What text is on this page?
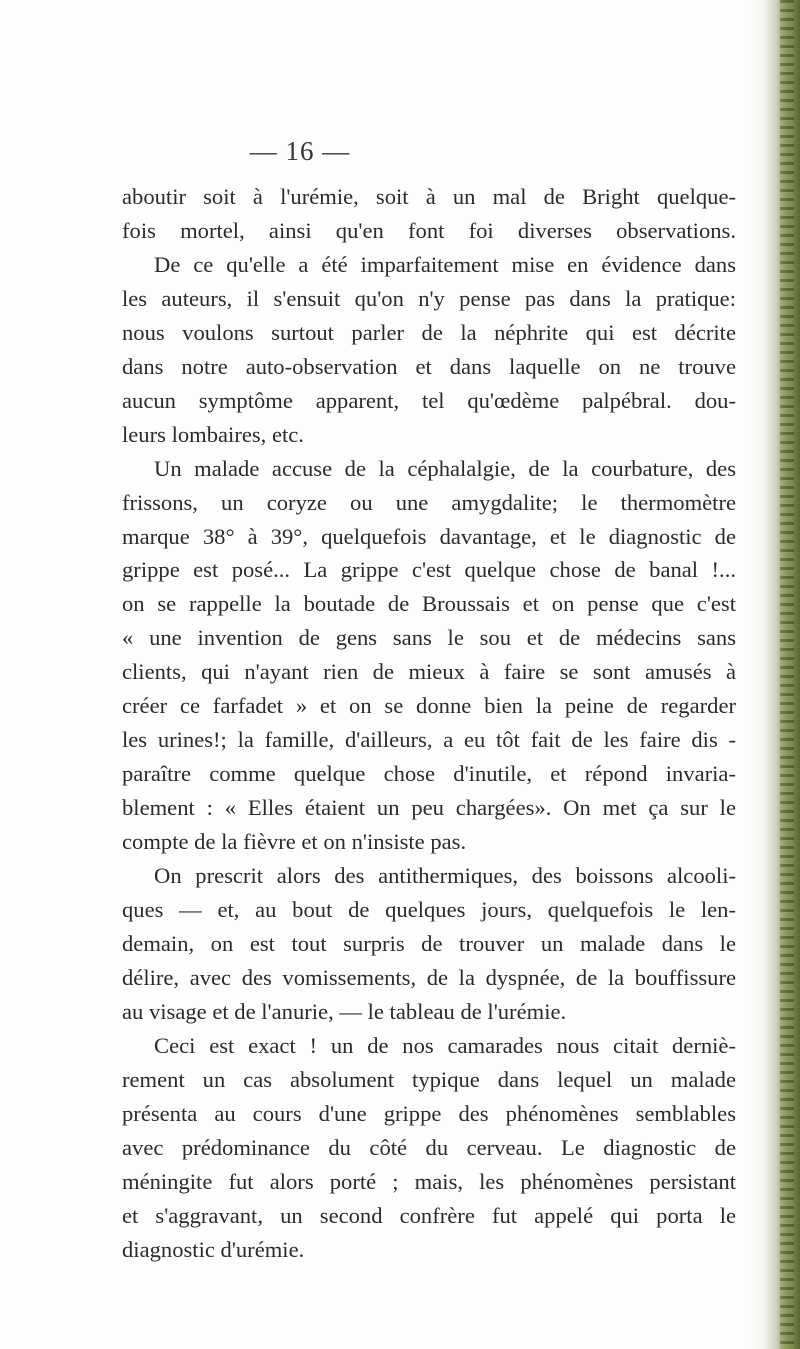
— 16 —
aboutir soit à l'urémie, soit à un mal de Bright quelque-
fois mortel, ainsi qu'en font foi diverses observations.
De ce qu'elle a été imparfaitement mise en évidence dans
les auteurs, il s'ensuit qu'on n'y pense pas dans la pratique:
nous voulons surtout parler de la néphrite qui est décrite
dans notre auto-observation et dans laquelle on ne trouve
aucun symptôme apparent, tel qu'œdème palpébral. dou-
leurs lombaires, etc.
Un malade accuse de la céphalalgie, de la courbature, des
frissons, un coryze ou une amygdalite; le thermomètre
marque 38° à 39°, quelquefois davantage, et le diagnostic de
grippe est posé... La grippe c'est quelque chose de banal !...
on se rappelle la boutade de Broussais et on pense que c'est
« une invention de gens sans le sou et de médecins sans
clients, qui n'ayant rien de mieux à faire se sont amusés à
créer ce farfadet » et on se donne bien la peine de regarder
les urines!; la famille, d'ailleurs, a eu tôt fait de les faire dis -
paraître comme quelque chose d'inutile, et répond invaria-
blement : « Elles étaient un peu chargées». On met ça sur le
compte de la fièvre et on n'insiste pas.
On prescrit alors des antithermiques, des boissons alcooli-
ques — et, au bout de quelques jours, quelquefois le len-
demain, on est tout surpris de trouver un malade dans le
délire, avec des vomissements, de la dyspnée, de la bouffissure
au visage et de l'anurie, — le tableau de l'urémie.
Ceci est exact ! un de nos camarades nous citait derniè-
rement un cas absolument typique dans lequel un malade
présenta au cours d'une grippe des phénomènes semblables
avec prédominance du côté du cerveau. Le diagnostic de
méningite fut alors porté ; mais, les phénomènes persistant
et s'aggravant, un second confrère fut appelé qui porta le
diagnostic d'urémie.
